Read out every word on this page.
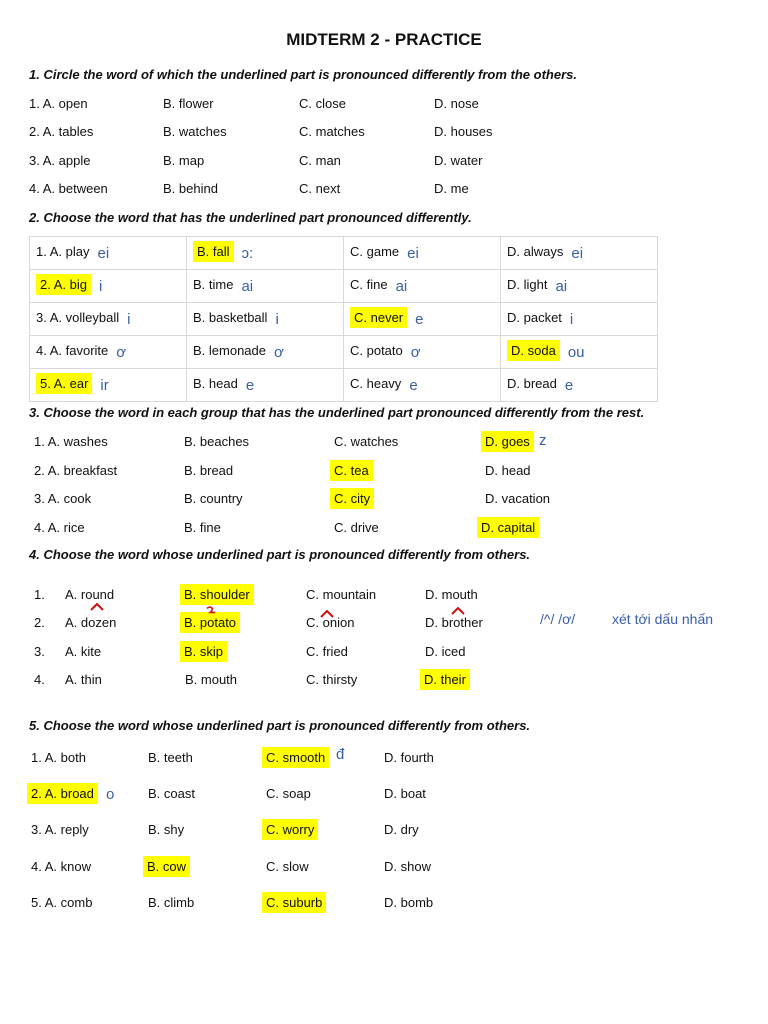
MIDTERM 2 - PRACTICE
1. Circle the word of which the underlined part is pronounced differently from the others.
1. A. open	B. flower	C. close	D. nose
2. A. tables	B. watches	C. matches	D. houses
3. A. apple	B. map	C. man	D. water
4. A. between	B. behind	C. next	D. me
2. Choose the word that has the underlined part pronounced differently.
1. A. play ei	B. fall ɔ:	C. game ei	D. always ei
2. A. big i	B. time ai	C. fine ai	D. light ai
3. A. volleyball i	B. basketball i	C. never e	D. packet i
4. A. favorite ơ	B. lemonade ơ	C. potato ơ	D. soda ou
5. A. ear ir	B. head e	C. heavy e	D. bread e
3. Choose the word in each group that has the underlined part pronounced differently from the rest.
1. A. washes	B. beaches	C. watches	D. goes z
2. A. breakfast	B. bread	C. tea	D. head
3. A. cook	B. country	C. city	D. vacation
4. A. rice	B. fine	C. drive	D. capital
4. Choose the word whose underlined part is pronounced differently from others.
1. A. round	B. shoulder	C. mountain	D. mouth
2. A. dozen	B. potato	C. onion	D. brother	/^/ /ơ/	xét tới dấu nhấn
3. A. kite	B. skip	C. fried	D. iced
4. A. thin	B. mouth	C. thirsty	D. their
5. Choose the word whose underlined part is pronounced differently from others.
1. A. both	B. teeth	C. smooth đ	D. fourth
2. A. broad o	B. coast	C. soap	D. boat
3. A. reply	B. shy	C. worry	D. dry
4. A. know	B. cow	C. slow	D. show
5. A. comb	B. climb	C. suburb	D. bomb
